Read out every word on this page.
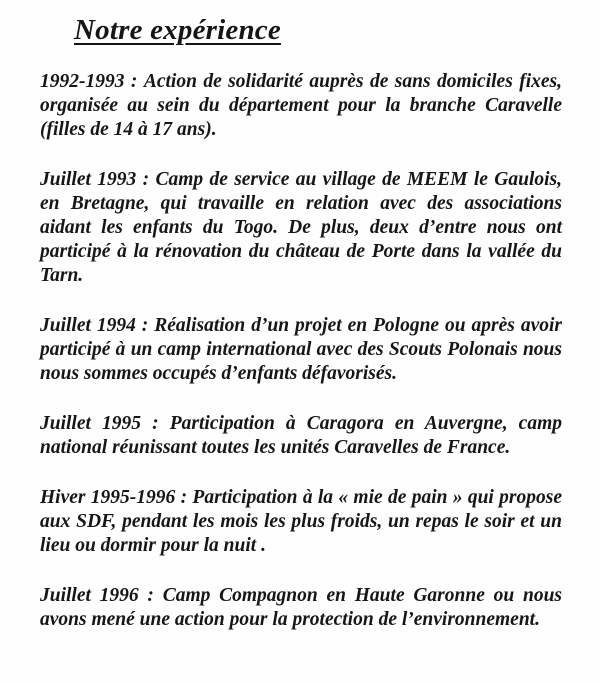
Notre expérience

1992-1993 : Action de solidarité auprès de sans domiciles fixes, organisée au sein du département pour la branche Caravelle (filles de 14 à 17 ans).

Juillet 1993 : Camp de service au village de MEEM le Gaulois, en Bretagne, qui travaille en relation avec des associations aidant les enfants du Togo. De plus, deux d’entre nous ont participé à la rénovation du château de Porte dans la vallée du Tarn.

Juillet 1994 : Réalisation d’un projet en Pologne ou après avoir participé à un camp international avec des Scouts Polonais nous nous sommes occupés d’enfants défavorisés.

Juillet 1995 : Participation à Caragora en Auvergne, camp national réunissant toutes les unités Caravelles de France.

Hiver 1995-1996 : Participation à la « mie de pain » qui propose aux SDF, pendant les mois les plus froids, un repas le soir et un lieu ou dormir pour la nuit .

Juillet 1996 : Camp Compagnon en Haute Garonne ou nous avons mené une action pour la protection de l’environnement.
